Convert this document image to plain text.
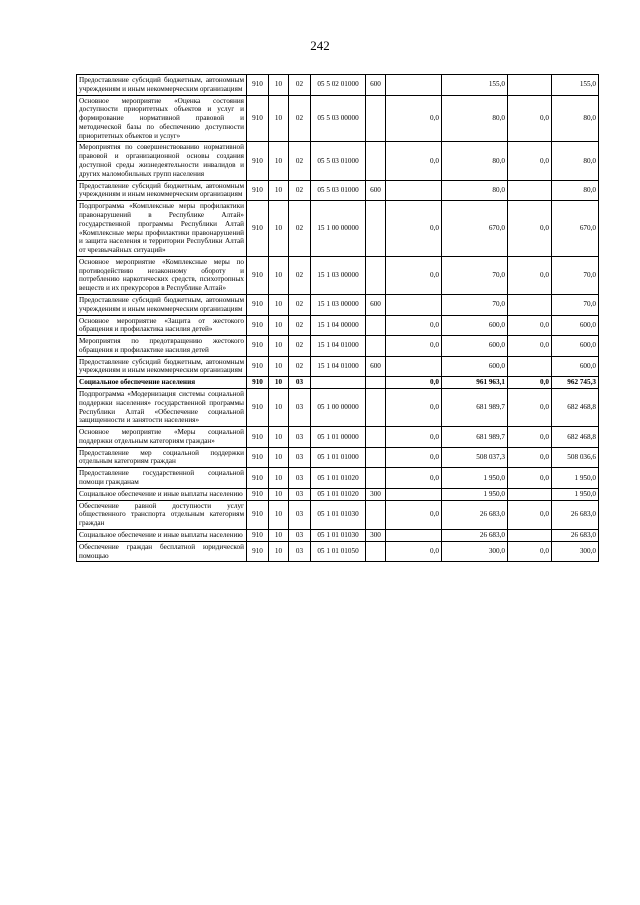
242
Предоставление субсидий бюджетным, автономным учреждениям и иным некоммерческим организациям	910	10	02	05 5 02 01000	600		155,0		155,0
Основное мероприятие «Оценка состояния доступности приоритетных объектов и услуг и формирование нормативной правовой и методической базы по обеспечению доступности приоритетных объектов и услуг»	910	10	02	05 5 03 00000		0,0	80,0	0,0	80,0
Мероприятия по совершенствованию нормативной правовой и организационной основы создания доступной среды жизнедеятельности инвалидов и других маломобильных групп населения	910	10	02	05 5 03 01000		0,0	80,0	0,0	80,0
Предоставление субсидий бюджетным, автономным учреждениям и иным некоммерческим организациям	910	10	02	05 5 03 01000	600		80,0		80,0
Подпрограмма «Комплексные меры профилактики правонарушений в Республике Алтай» государственной программы Республики Алтай «Комплексные меры профилактики правонарушений и защита населения и территории Республики Алтай от чрезвычайных ситуаций»	910	10	02	15 1 00 00000		0,0	670,0	0,0	670,0
Основное мероприятие «Комплексные меры по противодействию незаконному обороту и потреблению наркотических средств, психотропных веществ и их прекурсоров в Республике Алтай»	910	10	02	15 1 03 00000		0,0	70,0	0,0	70,0
Предоставление субсидий бюджетным, автономным учреждениям и иным некоммерческим организациям	910	10	02	15 1 03 00000	600		70,0		70,0
Основное мероприятие «Защита от жестокого обращения и профилактика насилия детей»	910	10	02	15 1 04 00000		0,0	600,0	0,0	600,0
Мероприятия по предотвращению жестокого обращения и профилактике насилия детей	910	10	02	15 1 04 01000		0,0	600,0	0,0	600,0
Предоставление субсидий бюджетным, автономным учреждениям и иным некоммерческим организациям	910	10	02	15 1 04 01000	600		600,0		600,0
Социальное обеспечение населения	910	10	03			0,0	961 963,1	0,0	962 745,3
Подпрограмма «Модернизация системы социальной поддержки населения» государственной программы Республики Алтай «Обеспечение социальной защищенности и занятости населения»	910	10	03	05 1 00 00000		0,0	681 989,7	0,0	682 468,8
Основное мероприятие «Меры социальной поддержки отдельным категориям граждан»	910	10	03	05 1 01 00000		0,0	681 989,7	0,0	682 468,8
Предоставление мер социальной поддержки отдельным категориям граждан	910	10	03	05 1 01 01000		0,0	508 037,3	0,0	508 036,6
Предоставление государственной социальной помощи гражданам	910	10	03	05 1 01 01020		0,0	1 950,0	0,0	1 950,0
Социальное обеспечение и иные выплаты населению	910	10	03	05 1 01 01020	300		1 950,0		1 950,0
Обеспечение равной доступности услуг общественного транспорта отдельным категориям граждан	910	10	03	05 1 01 01030		0,0	26 683,0	0,0	26 683,0
Социальное обеспечение и иные выплаты населению	910	10	03	05 1 01 01030	300		26 683,0		26 683,0
Обеспечение граждан бесплатной юридической помощью	910	10	03	05 1 01 01050		0,0	300,0	0,0	300,0
